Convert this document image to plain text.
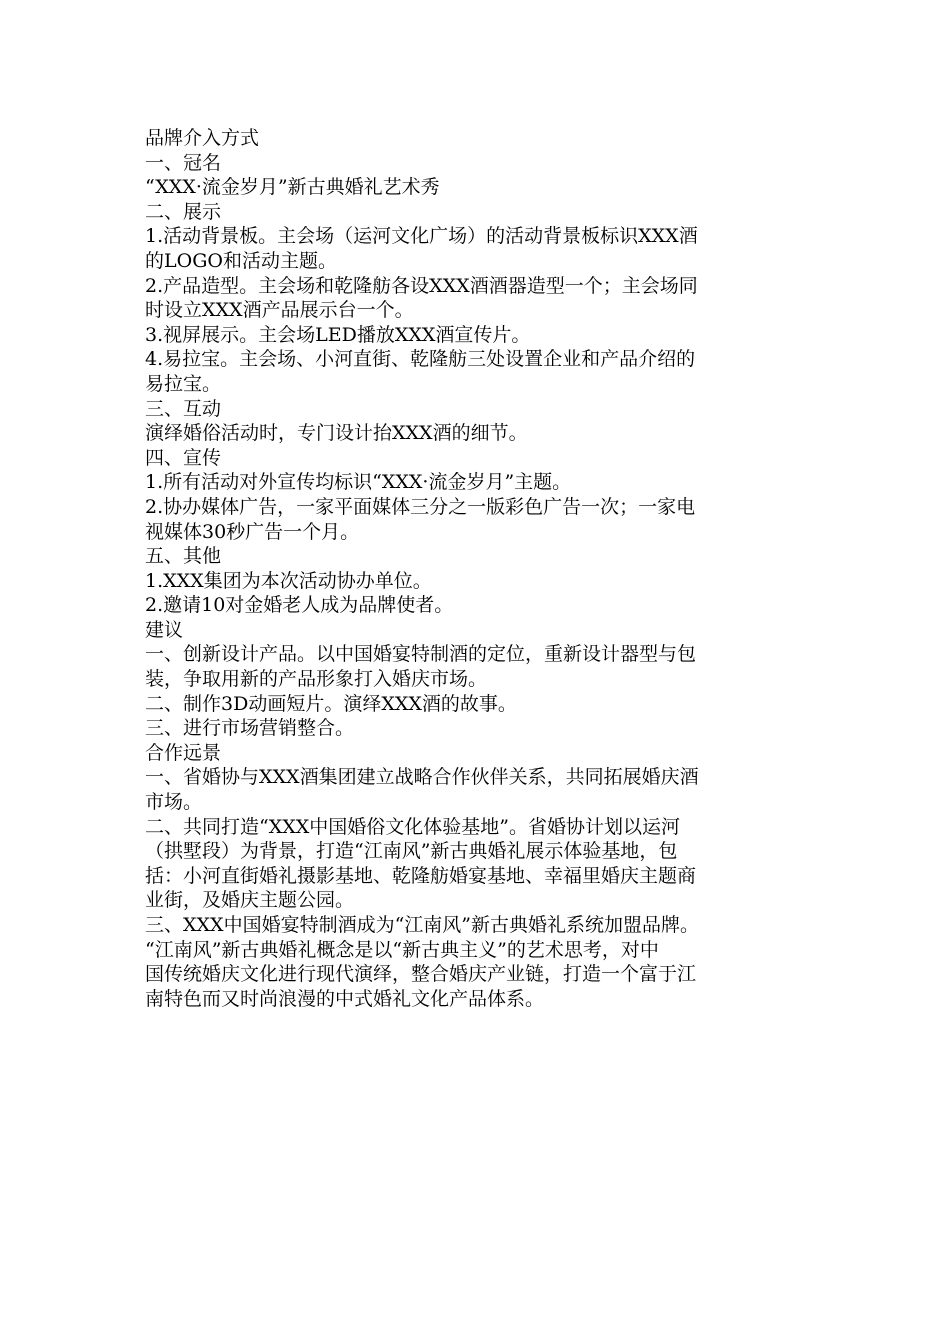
品牌介入方式

一、冠名

“XXX·流金岁月”新古典婚礼艺术秀

二、展示

1.活动背景板。主会场（运河文化广场）的活动背景板标识XXX酒

的LOGO和活动主题。

2.产品造型。主会场和乾隆舫各设XXX酒酒器造型一个；主会场同

时设立XXX酒产品展示台一个。

3.视屏展示。主会场LED播放XXX酒宣传片。

4.易拉宝。主会场、小河直街、乾隆舫三处设置企业和产品介绍的

易拉宝。

三、互动

演绎婚俗活动时，专门设计抬XXX酒的细节。

四、宣传

1.所有活动对外宣传均标识“XXX·流金岁月”主题。

2.协办媒体广告，一家平面媒体三分之一版彩色广告一次；一家电

视媒体30秒广告一个月。

五、其他

1.XXX集团为本次活动协办单位。

2.邀请10对金婚老人成为品牌使者。

建议

一、创新设计产品。以中国婚宴特制酒的定位，重新设计器型与包

装，争取用新的产品形象打入婚庆市场。

二、制作3D动画短片。演绎XXX酒的故事。

三、进行市场营销整合。

合作远景

一、省婚协与XXX酒集团建立战略合作伙伴关系，共同拓展婚庆酒

市场。

二、共同打造“XXX中国婚俗文化体验基地”。省婚协计划以运河

（拱墅段）为背景，打造“江南风”新古典婚礼展示体验基地，包

括：小河直街婚礼摄影基地、乾隆舫婚宴基地、幸福里婚庆主题商

业街，及婚庆主题公园。

三、XXX中国婚宴特制酒成为“江南风”新古典婚礼系统加盟品牌。

“江南风”新古典婚礼概念是以“新古典主义”的艺术思考，对中

国传统婚庆文化进行现代演绎，整合婚庆产业链，打造一个富于江

南特色而又时尚浪漫的中式婚礼文化产品体系。
